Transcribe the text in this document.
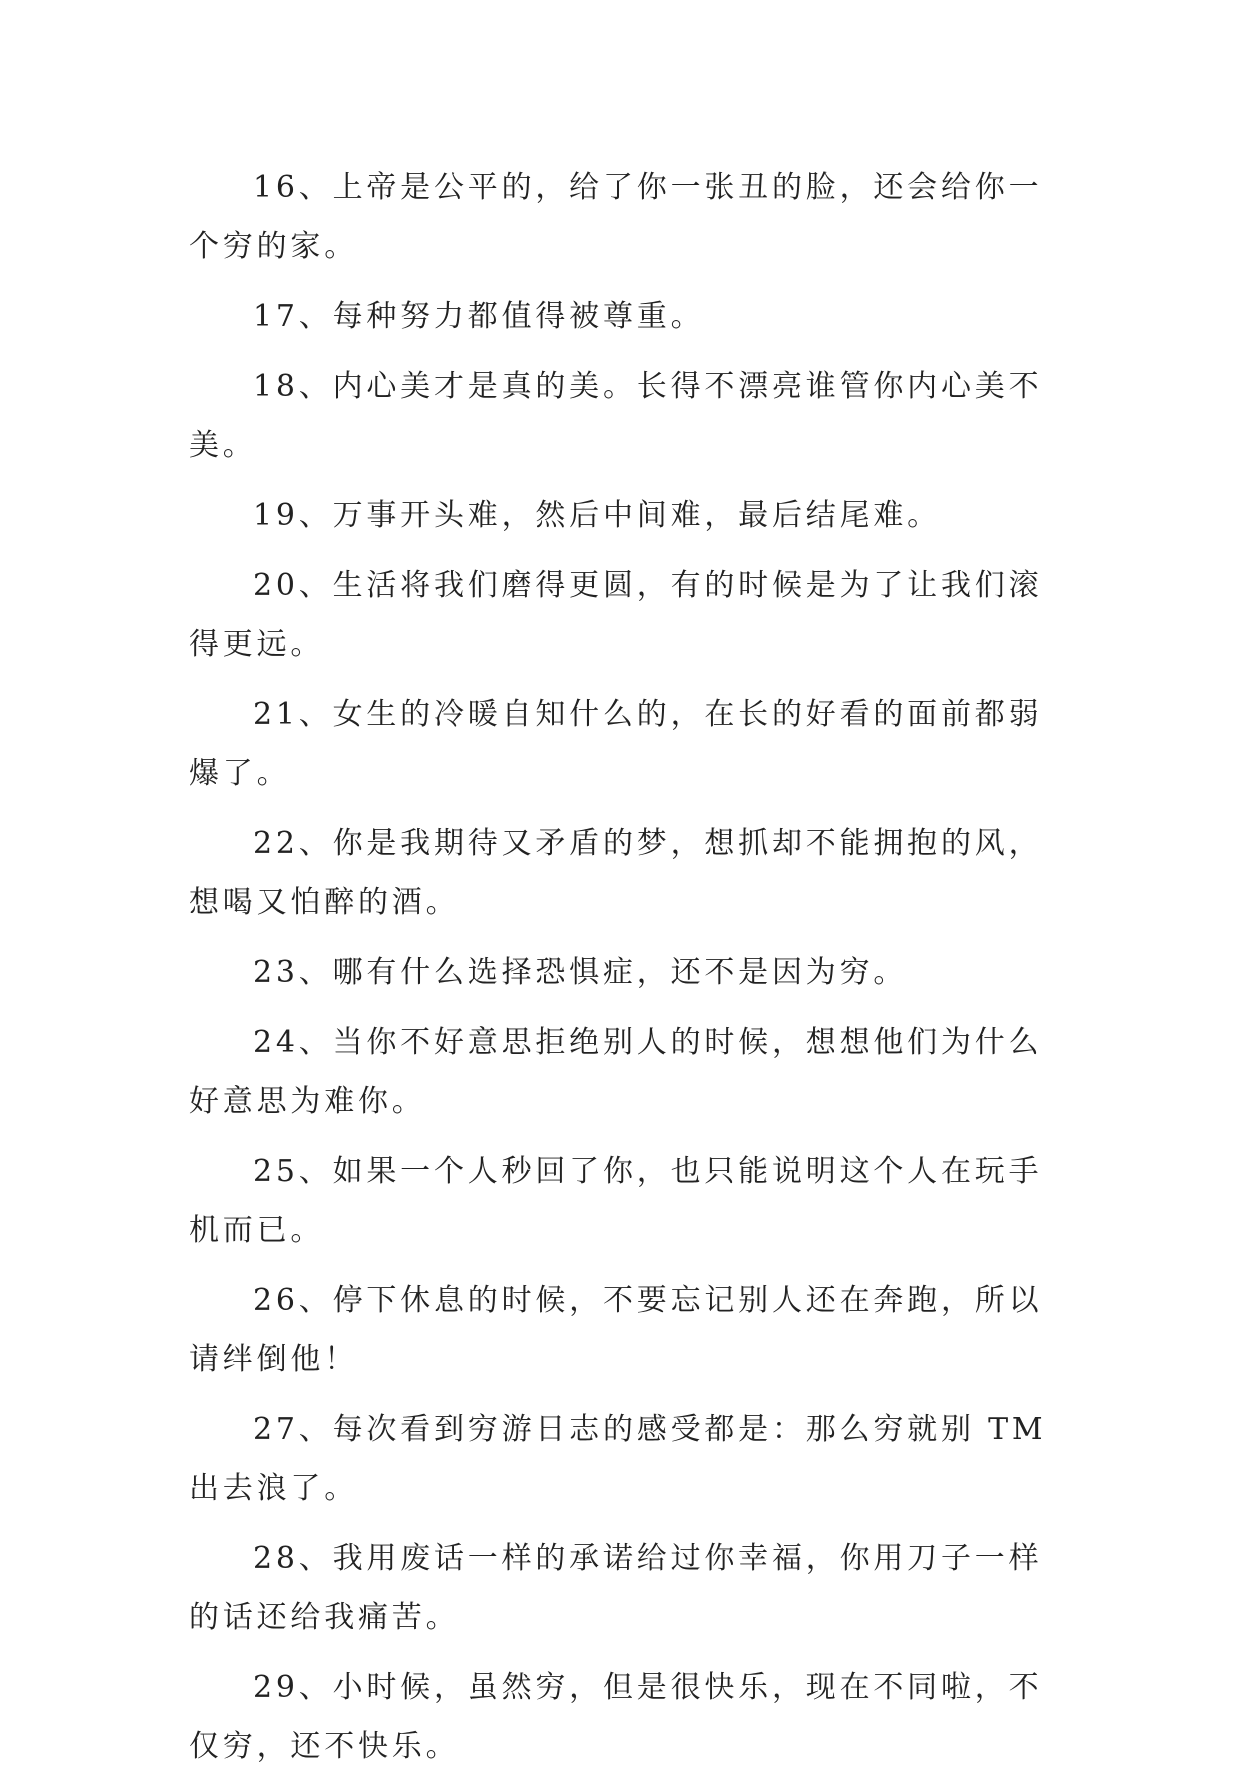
16、上帝是公平的，给了你一张丑的脸，还会给你一个穷的家。

17、每种努力都值得被尊重。

18、内心美才是真的美。长得不漂亮谁管你内心美不美。

19、万事开头难，然后中间难，最后结尾难。

20、生活将我们磨得更圆，有的时候是为了让我们滚得更远。

21、女生的冷暖自知什么的，在长的好看的面前都弱爆了。

22、你是我期待又矛盾的梦，想抓却不能拥抱的风，想喝又怕醉的酒。

23、哪有什么选择恐惧症，还不是因为穷。

24、当你不好意思拒绝别人的时候，想想他们为什么好意思为难你。

25、如果一个人秒回了你，也只能说明这个人在玩手机而已。

26、停下休息的时候，不要忘记别人还在奔跑，所以请绊倒他！

27、每次看到穷游日志的感受都是：那么穷就别 TM 出去浪了。

28、我用废话一样的承诺给过你幸福，你用刀子一样的话还给我痛苦。

29、小时候，虽然穷，但是很快乐，现在不同啦，不仅穷，还不快乐。
